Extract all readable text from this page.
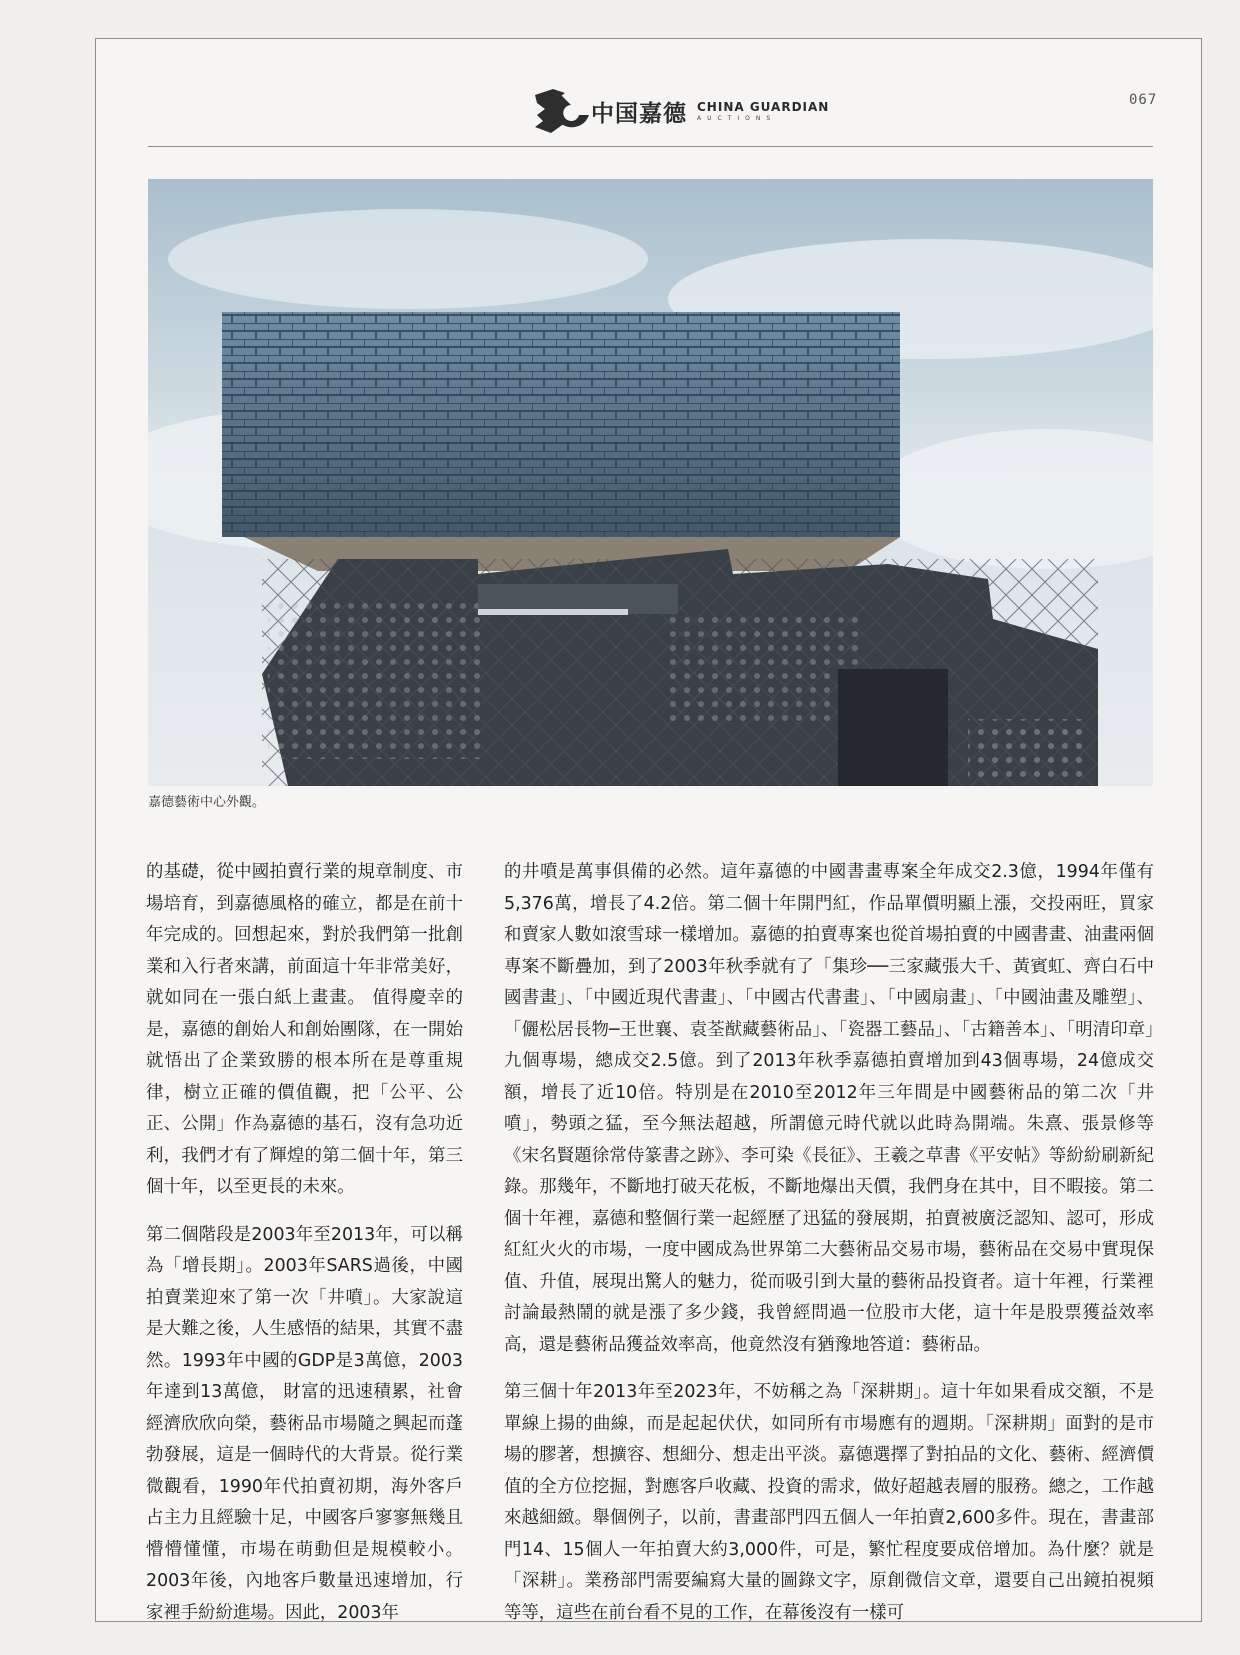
中国嘉德 CHINA GUARDIAN
AUCTIONS
067
嘉德藝術中心外觀。

的基礎，從中國拍賣行業的規章制度、市場培育，到嘉德風格的確立，都是在前十年完成的。回想起來，對於我們第一批創業和入行者來講，前面這十年非常美好，就如同在一張白紙上畫畫。 值得慶幸的是，嘉德的創始人和創始團隊，在一開始就悟出了企業致勝的根本所在是尊重規律，樹立正確的價值觀，把「公平、公正、公開」作為嘉德的基石，沒有急功近利，我們才有了輝煌的第二個十年，第三個十年，以至更長的未來。

第二個階段是2003年至2013年，可以稱為「增長期」。2003年SARS過後，中國拍賣業迎來了第一次「井噴」。大家說這是大難之後，人生感悟的結果，其實不盡然。1993年中國的GDP是3萬億，2003年達到13萬億， 財富的迅速積累，社會經濟欣欣向榮，藝術品市場隨之興起而蓬勃發展，這是一個時代的大背景。從行業微觀看，1990年代拍賣初期，海外客戶占主力且經驗十足，中國客戶寥寥無幾且懵懵懂懂，市場在萌動但是規模較小。2003年後，內地客戶數量迅速增加，行家裡手紛紛進場。因此，2003年

的井噴是萬事俱備的必然。這年嘉德的中國書畫專案全年成交2.3億，1994年僅有5,376萬，增長了4.2倍。第二個十年開門紅，作品單價明顯上漲，交投兩旺，買家和賣家人數如滾雪球一樣增加。嘉德的拍賣專案也從首場拍賣的中國書畫、油畫兩個專案不斷疊加，到了2003年秋季就有了「集珍──三家藏張大千、黃賓虹、齊白石中國書畫」、「中國近現代書畫」、「中國古代書畫」、「中國扇畫」、「中國油畫及雕塑」、「儷松居長物─王世襄、袁荃猷藏藝術品」、「瓷器工藝品」、「古籍善本」、「明清印章」九個專場，總成交2.5億。到了2013年秋季嘉德拍賣增加到43個專場，24億成交額，增長了近10倍。特別是在2010至2012年三年間是中國藝術品的第二次「井噴」，勢頭之猛，至今無法超越，所謂億元時代就以此時為開端。朱熹、張景修等《宋名賢題徐常侍篆書之跡》、李可染《長征》、王羲之草書《平安帖》等紛紛刷新紀錄。那幾年，不斷地打破天花板，不斷地爆出天價，我們身在其中，目不暇接。第二個十年裡，嘉德和整個行業一起經歷了迅猛的發展期，拍賣被廣泛認知、認可，形成紅紅火火的市場，一度中國成為世界第二大藝術品交易市場，藝術品在交易中實現保值、升值，展現出驚人的魅力，從而吸引到大量的藝術品投資者。這十年裡，行業裡討論最熱鬧的就是漲了多少錢，我曾經問過一位股市大佬，這十年是股票獲益效率高，還是藝術品獲益效率高，他竟然沒有猶豫地答道：藝術品。

第三個十年2013年至2023年，不妨稱之為「深耕期」。這十年如果看成交額，不是單線上揚的曲線，而是起起伏伏，如同所有市場應有的週期。「深耕期」面對的是市場的膠著，想擴容、想細分、想走出平淡。嘉德選擇了對拍品的文化、藝術、經濟價值的全方位挖掘，對應客戶收藏、投資的需求，做好超越表層的服務。總之，工作越來越細緻。舉個例子，以前，書畫部門四五個人一年拍賣2,600多件。現在，書畫部門14、15個人一年拍賣大約3,000件，可是，繁忙程度要成倍增加。為什麼？就是「深耕」。業務部門需要編寫大量的圖錄文字，原創微信文章，還要自己出鏡拍視頻等等，這些在前台看不見的工作，在幕後沒有一樣可
